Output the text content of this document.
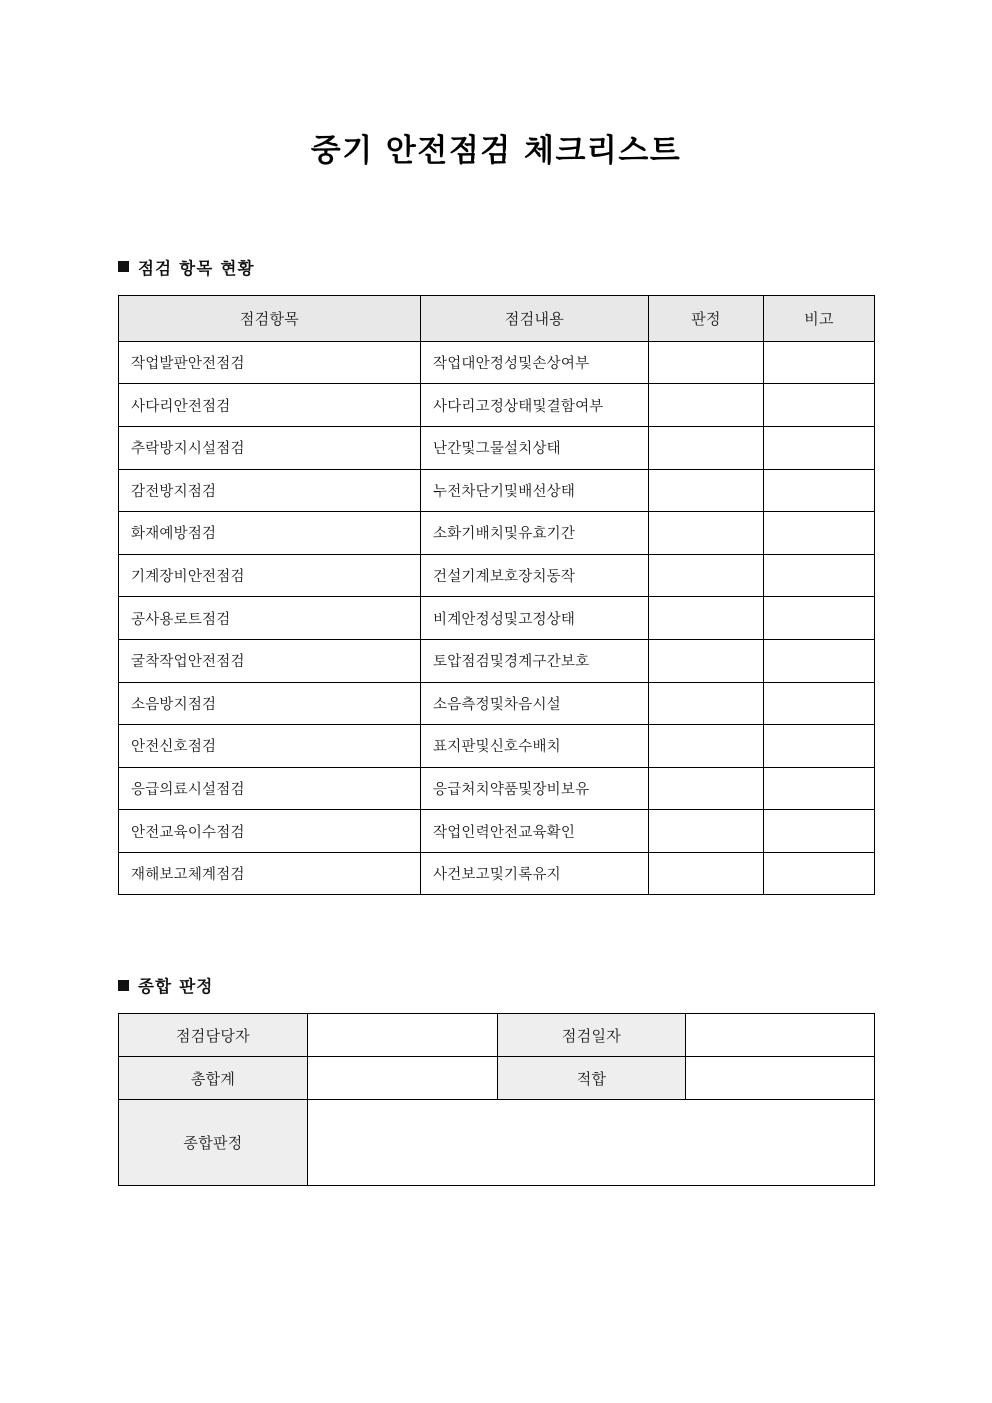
중기 안전점검 체크리스트
점검 항목 현황
점검항목	점검내용	판정	비고
작업발판안전점검	작업대안정성및손상여부		
사다리안전점검	사다리고정상태및결함여부		
추락방지시설점검	난간및그물설치상태		
감전방지점검	누전차단기및배선상태		
화재예방점검	소화기배치및유효기간		
기계장비안전점검	건설기계보호장치동작		
공사용로트점검	비계안정성및고정상태		
굴착작업안전점검	토압점검및경계구간보호		
소음방지점검	소음측정및차음시설		
안전신호점검	표지판및신호수배치		
응급의료시설점검	응급처치약품및장비보유		
안전교육이수점검	작업인력안전교육확인		
재해보고체계점검	사건보고및기록유지		
종합 판정
점검담당자		점검일자	
총합계		적합	
종합판정			
